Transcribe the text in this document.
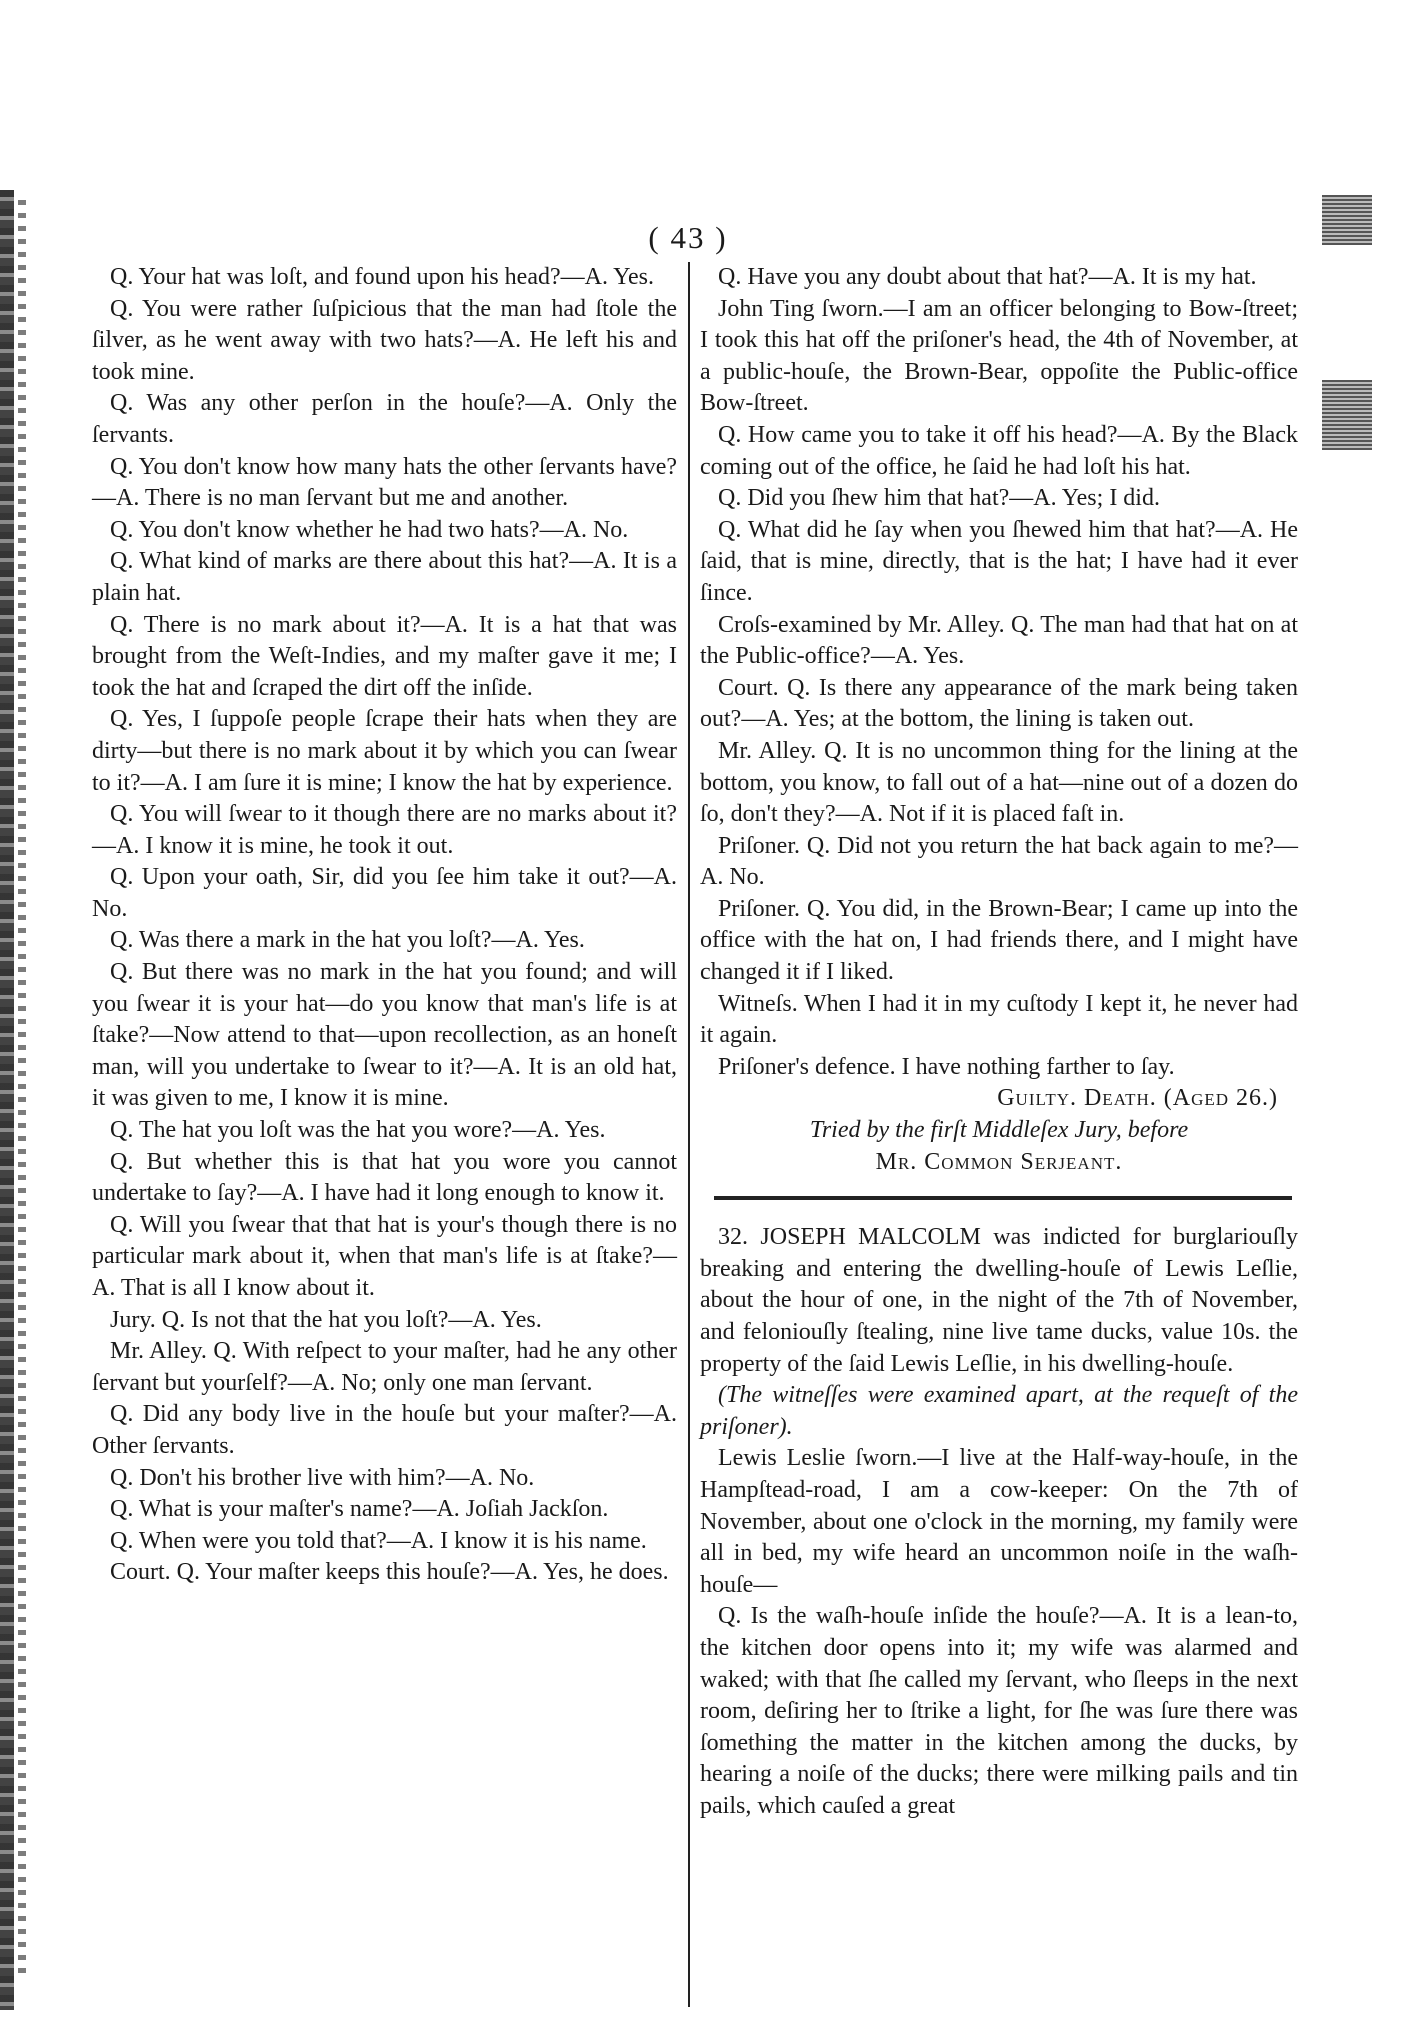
( 43 )

Q. Your hat was loſt, and found upon his head?—A. Yes.

Q. You were rather ſuſpicious that the man had ſtole the ſilver, as he went away with two hats?—A. He left his and took mine.

Q. Was any other perſon in the houſe?—A. Only the ſervants.

Q. You don't know how many hats the other ſervants have?—A. There is no man ſervant but me and another.

Q. You don't know whether he had two hats?—A. No.

Q. What kind of marks are there about this hat?—A. It is a plain hat.

Q. There is no mark about it?—A. It is a hat that was brought from the Weſt-Indies, and my maſter gave it me; I took the hat and ſcraped the dirt off the inſide.

Q. Yes, I ſuppoſe people ſcrape their hats when they are dirty—but there is no mark about it by which you can ſwear to it?—A. I am ſure it is mine; I know the hat by experience.

Q. You will ſwear to it though there are no marks about it?—A. I know it is mine, he took it out.

Q. Upon your oath, Sir, did you ſee him take it out?—A. No.

Q. Was there a mark in the hat you loſt?—A. Yes.

Q. But there was no mark in the hat you found; and will you ſwear it is your hat—do you know that man's life is at ſtake?—Now attend to that—upon recollection, as an honeſt man, will you undertake to ſwear to it?—A. It is an old hat, it was given to me, I know it is mine.

Q. The hat you loſt was the hat you wore?—A. Yes.

Q. But whether this is that hat you wore you cannot undertake to ſay?—A. I have had it long enough to know it.

Q. Will you ſwear that that hat is your's though there is no particular mark about it, when that man's life is at ſtake?—A. That is all I know about it.

Jury. Q. Is not that the hat you loſt?—A. Yes.

Mr. Alley. Q. With reſpect to your maſter, had he any other ſervant but yourſelf?—A. No; only one man ſervant.

Q. Did any body live in the houſe but your maſter?—A. Other ſervants.

Q. Don't his brother live with him?—A. No.

Q. What is your maſter's name?—A. Joſiah Jackſon.

Q. When were you told that?—A. I know it is his name.

Court. Q. Your maſter keeps this houſe?—A. Yes, he does.

Q. Have you any doubt about that hat?—A. It is my hat.

John Ting ſworn.—I am an officer belonging to Bow-ſtreet; I took this hat off the priſoner's head, the 4th of November, at a public-houſe, the Brown-Bear, oppoſite the Public-office Bow-ſtreet.

Q. How came you to take it off his head?—A. By the Black coming out of the office, he ſaid he had loſt his hat.

Q. Did you ſhew him that hat?—A. Yes; I did.

Q. What did he ſay when you ſhewed him that hat?—A. He ſaid, that is mine, directly, that is the hat; I have had it ever ſince.

Croſs-examined by Mr. Alley. Q. The man had that hat on at the Public-office?—A. Yes.

Court. Q. Is there any appearance of the mark being taken out?—A. Yes; at the bottom, the lining is taken out.

Mr. Alley. Q. It is no uncommon thing for the lining at the bottom, you know, to fall out of a hat—nine out of a dozen do ſo, don't they?—A. Not if it is placed faſt in.

Priſoner. Q. Did not you return the hat back again to me?—A. No.

Priſoner. Q. You did, in the Brown-Bear; I came up into the office with the hat on, I had friends there, and I might have changed it if I liked.

Witneſs. When I had it in my cuſtody I kept it, he never had it again.

Priſoner's defence. I have nothing farther to ſay.

Guilty. Death. (Aged 26.)

Tried by the firſt Middleſex Jury, before

Mr. Common Serjeant.

32. JOSEPH MALCOLM was indicted for burglariouſly breaking and entering the dwelling-houſe of Lewis Leſlie, about the hour of one, in the night of the 7th of November, and feloniouſly ſtealing, nine live tame ducks, value 10s. the property of the ſaid Lewis Leſlie, in his dwelling-houſe.

(The witneſſes were examined apart, at the requeſt of the priſoner).

Lewis Leslie ſworn.—I live at the Half-way-houſe, in the Hampſtead-road, I am a cow-keeper: On the 7th of November, about one o'clock in the morning, my family were all in bed, my wife heard an uncommon noiſe in the waſh-houſe—

Q. Is the waſh-houſe inſide the houſe?—A. It is a lean-to, the kitchen door opens into it; my wife was alarmed and waked; with that ſhe called my ſervant, who ſleeps in the next room, deſiring her to ſtrike a light, for ſhe was ſure there was ſomething the matter in the kitchen among the ducks, by hearing a noiſe of the ducks; there were milking pails and tin pails, which cauſed a great
